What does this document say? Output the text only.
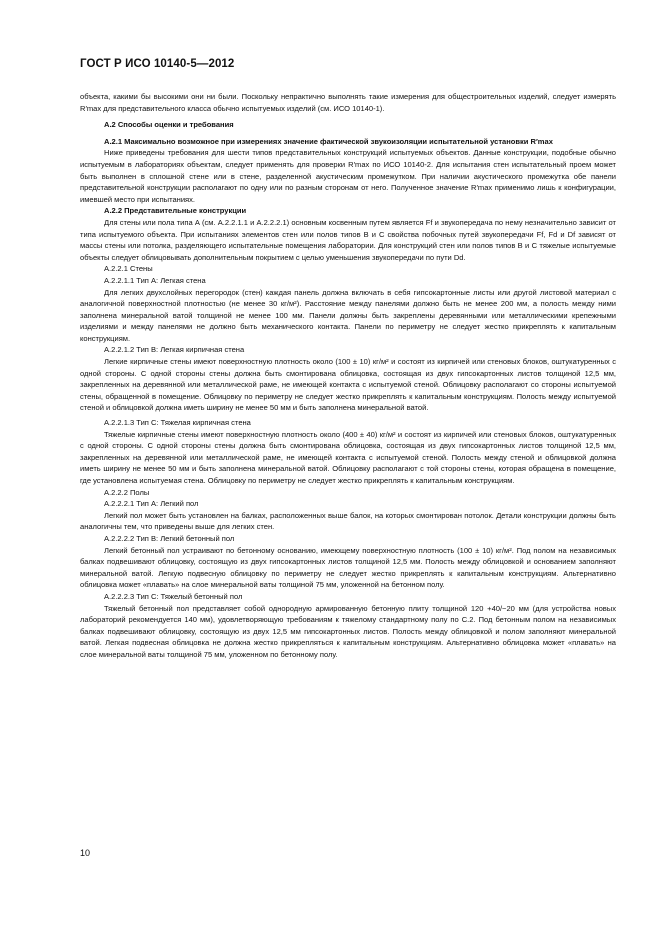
ГОСТ Р ИСО 10140-5—2012

объекта, какими бы высокими они ни были. Поскольку непрактично выполнять такие измерения для общестроительных изделий, следует измерять R′max для представительного класса обычно испытуемых изделий (см. ИСО 10140-1).

А.2 Способы оценки и требования

А.2.1 Максимально возможное при измерениях значение фактической звукоизоляции испытательной установки R′max

Ниже приведены требования для шести типов представительных конструкций испытуемых объектов. Данные конструкции, подобные обычно испытуемым в лабораториях объектам, следует применять для проверки R′max по ИСО 10140-2. Для испытания стен испытательный проем может быть выполнен в сплошной стене или в стене, разделенной акустическим промежутком. При наличии акустического промежутка обе панели представительной конструкции располагают по одну или по разным сторонам от него. Полученное значение R′max применимо лишь к конфигурации, имевшей место при испытаниях.

А.2.2 Представительные конструкции

Для стены или пола типа А (см. А.2.2.1.1 и А.2.2.2.1) основным косвенным путем является Ff и звукопередача по нему незначительно зависит от типа испытуемого объекта. При испытаниях элементов стен или полов типов В и С свойства побочных путей звукопередачи Ff, Fd и Df зависят от массы стены или потолка, разделяющего испытательные помещения лаборатории. Для конструкций стен или полов типов В и С тяжелые испытуемые объекты следует облицовывать дополнительным покрытием с целью уменьшения звукопередачи по пути Dd.

А.2.2.1 Стены

А.2.2.1.1 Тип А: Легкая стена

Для легких двухслойных перегородок (стен) каждая панель должна включать в себя гипсокартонные листы или другой листовой материал с аналогичной поверхностной плотностью (не менее 30 кг/м²). Расстояние между панелями должно быть не менее 200 мм, а полость между ними заполнена минеральной ватой толщиной не менее 100 мм. Панели должны быть закреплены деревянными или металлическими крепежными изделиями и между панелями не должно быть механического контакта. Панели по периметру не следует жестко прикреплять к капитальным конструкциям.

А.2.2.1.2 Тип В: Легкая кирпичная стена

Легкие кирпичные стены имеют поверхностную плотность около (100 ± 10) кг/м² и состоят из кирпичей или стеновых блоков, оштукатуренных с одной стороны. С одной стороны стены должна быть смонтирована облицовка, состоящая из двух гипсокартонных листов толщиной 12,5 мм, закрепленных на деревянной или металлической раме, не имеющей контакта с испытуемой стеной. Облицовку располагают со стороны испытуемой стены, обращенной в помещение. Облицовку по периметру не следует жестко прикреплять к капитальным конструкциям. Полость между испытуемой стеной и облицовкой должна иметь ширину не менее 50 мм и быть заполнена минеральной ватой.

А.2.2.1.3 Тип С: Тяжелая кирпичная стена

Тяжелые кирпичные стены имеют поверхностную плотность около (400 ± 40) кг/м² и состоят из кирпичей или стеновых блоков, оштукатуренных с одной стороны. С одной стороны стены должна быть смонтирована облицовка, состоящая из двух гипсокартонных листов толщиной 12,5 мм, закрепленных на деревянной или металлической раме, не имеющей контакта с испытуемой стеной. Полость между стеной и облицовкой должна иметь ширину не менее 50 мм и быть заполнена минеральной ватой. Облицовку располагают с той стороны стены, которая обращена в помещение, где установлена испытуемая стена. Облицовку по периметру не следует жестко прикреплять к капитальным конструкциям.

А.2.2.2 Полы

А.2.2.2.1 Тип А: Легкий пол

Легкий пол может быть установлен на балках, расположенных выше балок, на которых смонтирован потолок. Детали конструкции должны быть аналогичны тем, что приведены выше для легких стен.

А.2.2.2.2 Тип В: Легкий бетонный пол

Легкий бетонный пол устраивают по бетонному основанию, имеющему поверхностную плотность (100 ± 10) кг/м². Под полом на независимых балках подвешивают облицовку, состоящую из двух гипсокартонных листов толщиной 12,5 мм. Полость между облицовкой и основанием заполняют минеральной ватой. Легкую подвесную облицовку по периметру не следует жестко прикреплять к капитальным конструкциям. Альтернативно облицовка может «плавать» на слое минеральной ваты толщиной 75 мм, уложенной на бетонном полу.

А.2.2.2.3 Тип С: Тяжелый бетонный пол

Тяжелый бетонный пол представляет собой однородную армированную бетонную плиту толщиной 120 +40/−20 мм (для устройства новых лабораторий рекомендуется 140 мм), удовлетворяющую требованиям к тяжелому стандартному полу по С.2. Под бетонным полом на независимых балках подвешивают облицовку, состоящую из двух 12,5 мм гипсокартонных листов. Полость между облицовкой и полом заполняют минеральной ватой. Легкая подвесная облицовка не должна жестко прикрепляться к капитальным конструкциям. Альтернативно облицовка может «плавать» на слое минеральной ваты толщиной 75 мм, уложенном по бетонному полу.

10
